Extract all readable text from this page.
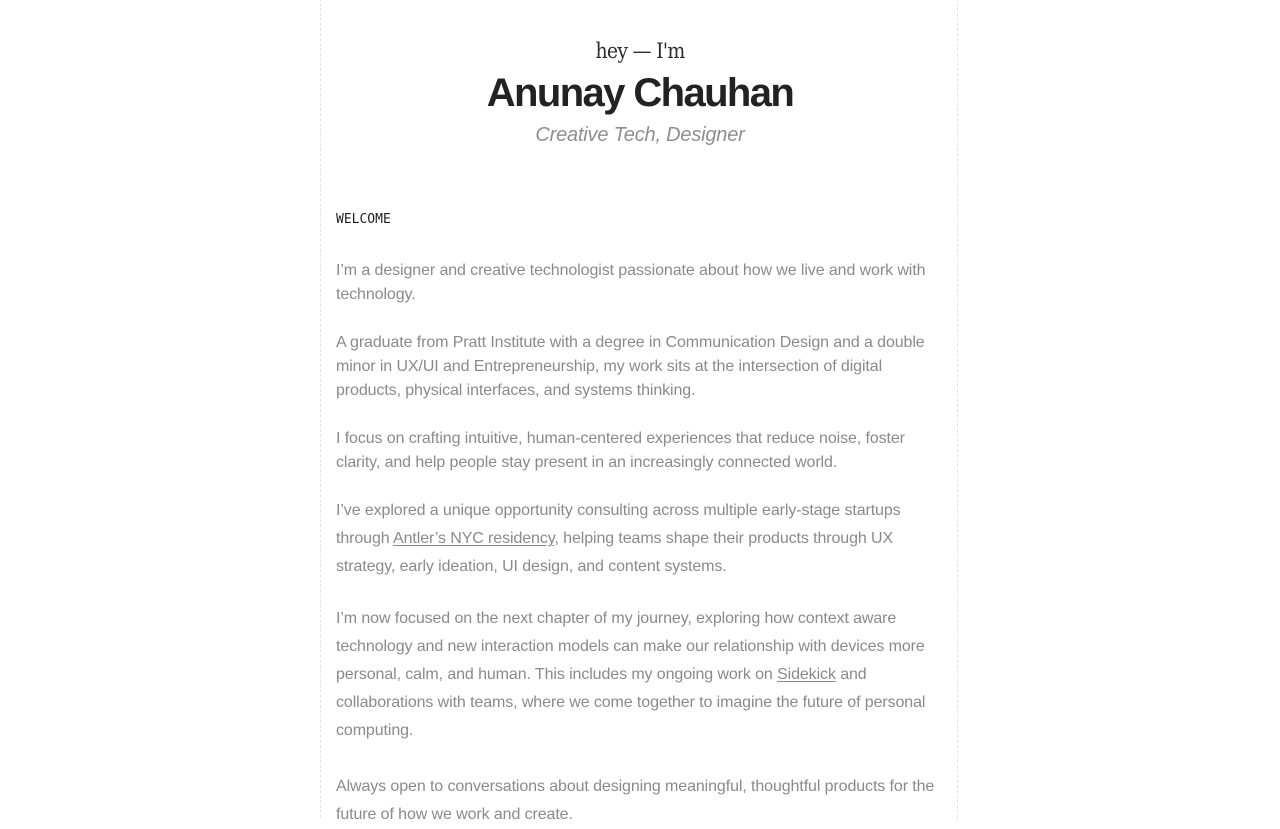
hey — I'm
Anunay Chauhan
Creative Tech, Designer
WELCOME

I’m a designer and creative technologist passionate about how we live and work with technology.

A graduate from Pratt Institute with a degree in Communication Design and a double minor in UX/UI and Entrepreneurship, my work sits at the intersection of digital products, physical interfaces, and systems thinking.

I focus on crafting intuitive, human-centered experiences that reduce noise, foster clarity, and help people stay present in an increasingly connected world.

I’ve explored a unique opportunity consulting across multiple early-stage startups through Antler’s NYC residency, helping teams shape their products through UX strategy, early ideation, UI design, and content systems.

I’m now focused on the next chapter of my journey, exploring how context aware technology and new interaction models can make our relationship with devices more personal, calm, and human. This includes my ongoing work on Sidekick and collaborations with teams, where we come together to imagine the future of personal computing.

Always open to conversations about designing meaningful, thoughtful products for the future of how we work and create.
